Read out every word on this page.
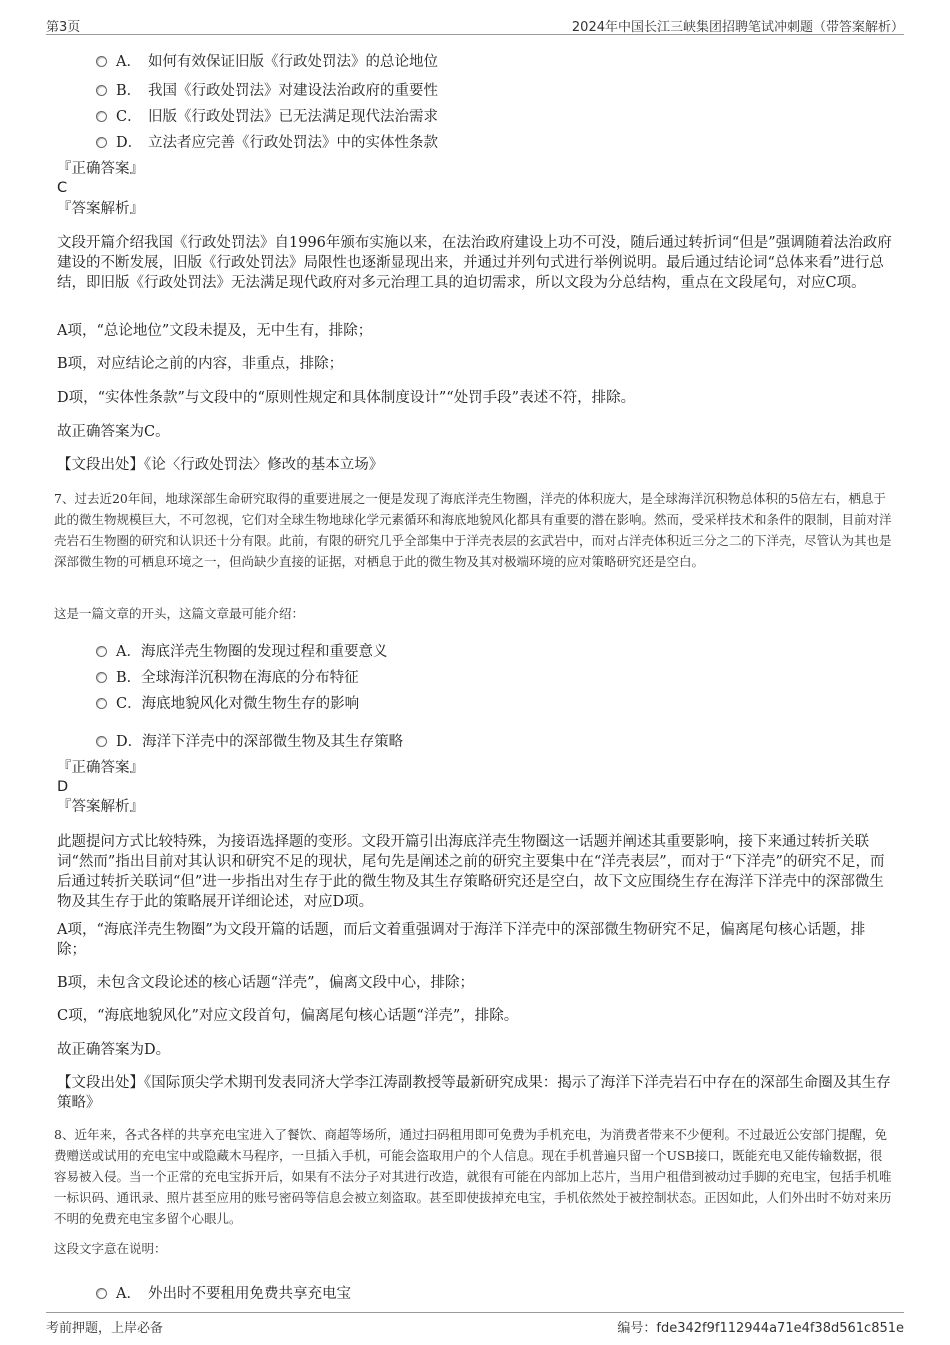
第3页	2024年中国长江三峡集团招聘笔试冲刺题（带答案解析）
A． 如何有效保证旧版《行政处罚法》的总论地位
B． 我国《行政处罚法》对建设法治政府的重要性
C． 旧版《行政处罚法》已无法满足现代法治需求
D． 立法者应完善《行政处罚法》中的实体性条款
『正确答案』
C
『答案解析』

文段开篇介绍我国《行政处罚法》自1996年颁布实施以来，在法治政府建设上功不可没，随后通过转折词“但是”强调随着法治政府建设的不断发展，旧版《行政处罚法》局限性也逐渐显现出来，并通过并列句式进行举例说明。最后通过结论词“总体来看”进行总结，即旧版《行政处罚法》无法满足现代政府对多元治理工具的迫切需求，所以文段为分总结构，重点在文段尾句，对应C项。

A项，“总论地位”文段未提及，无中生有，排除；

B项，对应结论之前的内容，非重点，排除；

D项，“实体性条款”与文段中的“原则性规定和具体制度设计”“处罚手段”表述不符，排除。

故正确答案为C。

【文段出处】《论〈行政处罚法〉修改的基本立场》

7、过去近20年间，地球深部生命研究取得的重要进展之一便是发现了海底洋壳生物圈，洋壳的体积庞大，是全球海洋沉积物总体积的5倍左右，栖息于此的微生物规模巨大，不可忽视，它们对全球生物地球化学元素循环和海底地貌风化都具有重要的潜在影响。然而，受采样技术和条件的限制，目前对洋壳岩石生物圈的研究和认识还十分有限。此前，有限的研究几乎全部集中于洋壳表层的玄武岩中，而对占洋壳体积近三分之二的下洋壳，尽管认为其也是深部微生物的可栖息环境之一，但尚缺少直接的证据，对栖息于此的微生物及其对极端环境的应对策略研究还是空白。

这是一篇文章的开头，这篇文章最可能介绍：

A．海底洋壳生物圈的发现过程和重要意义
B．全球海洋沉积物在海底的分布特征
C．海底地貌风化对微生物生存的影响
D．海洋下洋壳中的深部微生物及其生存策略
『正确答案』
D
『答案解析』

此题提问方式比较特殊，为接语选择题的变形。文段开篇引出海底洋壳生物圈这一话题并阐述其重要影响，接下来通过转折关联词“然而”指出目前对其认识和研究不足的现状，尾句先是阐述之前的研究主要集中在“洋壳表层”，而对于“下洋壳”的研究不足，而后通过转折关联词“但”进一步指出对生存于此的微生物及其生存策略研究还是空白，故下文应围绕生存在海洋下洋壳中的深部微生物及其生存于此的策略展开详细论述，对应D项。

A项，“海底洋壳生物圈”为文段开篇的话题，而后文着重强调对于海洋下洋壳中的深部微生物研究不足，偏离尾句核心话题，排除；

B项，未包含文段论述的核心话题“洋壳”，偏离文段中心，排除；

C项，“海底地貌风化”对应文段首句，偏离尾句核心话题“洋壳”，排除。

故正确答案为D。

【文段出处】《国际顶尖学术期刊发表同济大学李江涛副教授等最新研究成果：揭示了海洋下洋壳岩石中存在的深部生命圈及其生存策略》

8、近年来，各式各样的共享充电宝进入了餐饮、商超等场所，通过扫码租用即可免费为手机充电，为消费者带来不少便利。不过最近公安部门提醒，免费赠送或试用的充电宝中或隐藏木马程序，一旦插入手机，可能会盗取用户的个人信息。现在手机普遍只留一个USB接口，既能充电又能传输数据，很容易被入侵。当一个正常的充电宝拆开后，如果有不法分子对其进行改造，就很有可能在内部加上芯片，当用户租借到被动过手脚的充电宝，包括手机唯一标识码、通讯录、照片甚至应用的账号密码等信息会被立刻盗取。甚至即使拔掉充电宝，手机依然处于被控制状态。正因如此，人们外出时不妨对来历不明的免费充电宝多留个心眼儿。

这段文字意在说明：

A． 外出时不要租用免费共享充电宝
考前押题，上岸必备	编号：fde342f9f112944a71e4f38d561c851e
